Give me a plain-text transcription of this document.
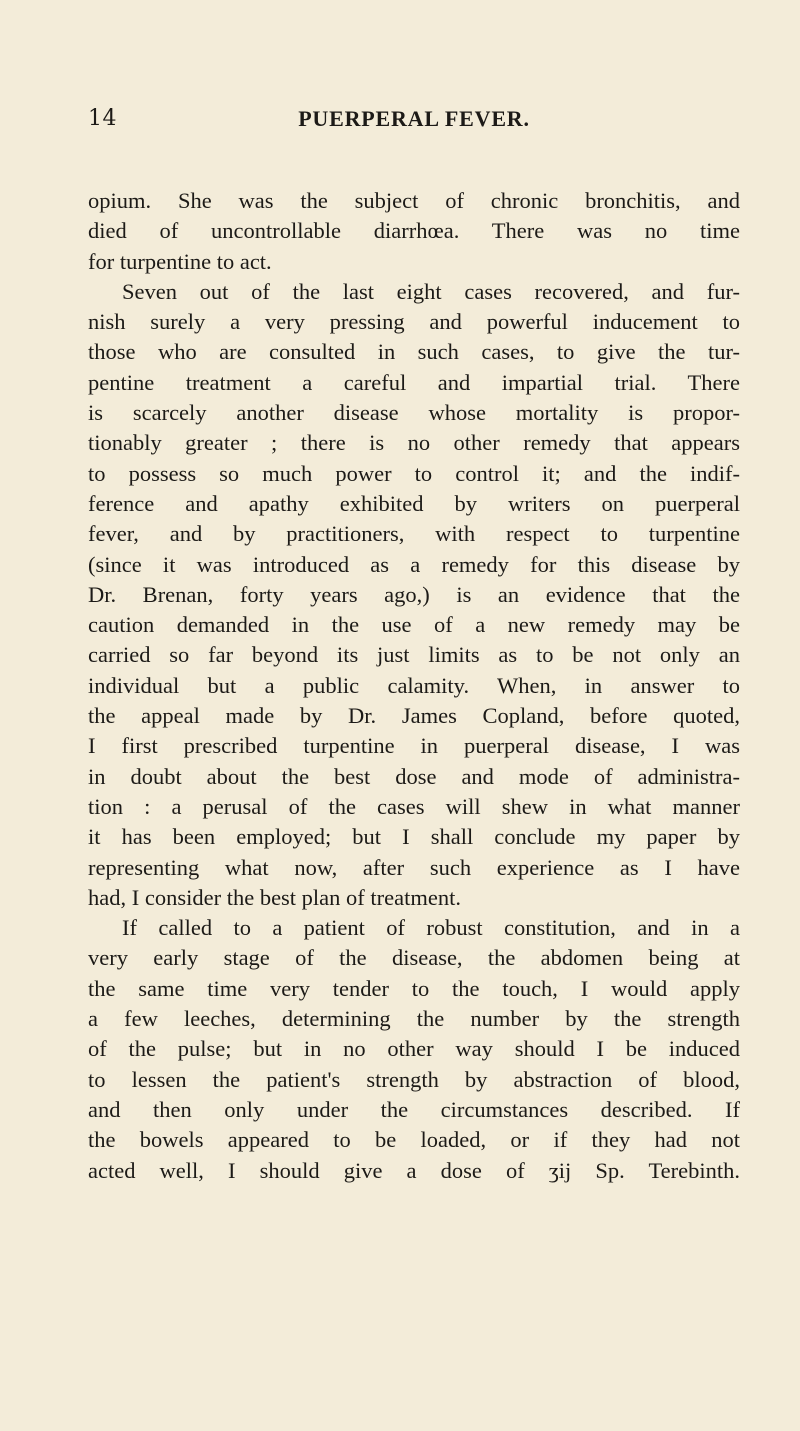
14	PUERPERAL FEVER.
opium. She was the subject of chronic bronchitis, and
died of uncontrollable diarrhœa. There was no time
for turpentine to act.
Seven out of the last eight cases recovered, and fur-
nish surely a very pressing and powerful inducement to
those who are consulted in such cases, to give the tur-
pentine treatment a careful and impartial trial. There
is scarcely another disease whose mortality is propor-
tionably greater ; there is no other remedy that appears
to possess so much power to control it; and the indif-
ference and apathy exhibited by writers on puerperal
fever, and by practitioners, with respect to turpentine
(since it was introduced as a remedy for this disease by
Dr. Brenan, forty years ago,) is an evidence that the
caution demanded in the use of a new remedy may be
carried so far beyond its just limits as to be not only an
individual but a public calamity. When, in answer to
the appeal made by Dr. James Copland, before quoted,
I first prescribed turpentine in puerperal disease, I was
in doubt about the best dose and mode of administra-
tion : a perusal of the cases will shew in what manner
it has been employed; but I shall conclude my paper by
representing what now, after such experience as I have
had, I consider the best plan of treatment.
If called to a patient of robust constitution, and in a
very early stage of the disease, the abdomen being at
the same time very tender to the touch, I would apply
a few leeches, determining the number by the strength
of the pulse; but in no other way should I be induced
to lessen the patient's strength by abstraction of blood,
and then only under the circumstances described. If
the bowels appeared to be loaded, or if they had not
acted well, I should give a dose of ʒij Sp. Terebinth.
